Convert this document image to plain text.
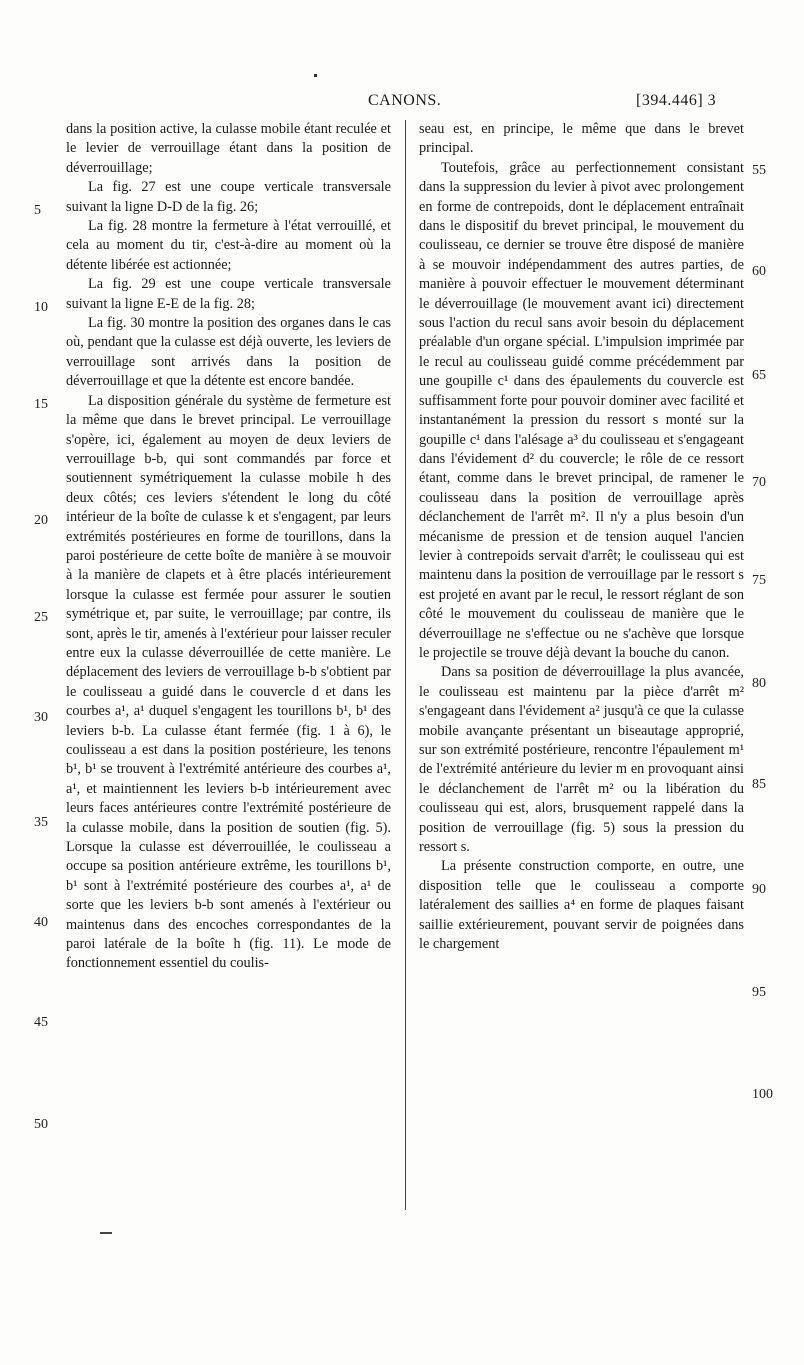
CANONS.	[394.446] 3

dans la position active, la culasse mobile étant reculée et le levier de verrouillage étant dans la position de déverrouillage;

La fig. 27 est une coupe verticale transversale suivant la ligne D-D de la fig. 26;

La fig. 28 montre la fermeture à l'état verrouillé, et cela au moment du tir, c'est-à-dire au moment où la détente libérée est actionnée;

La fig. 29 est une coupe verticale transversale suivant la ligne E-E de la fig. 28;

La fig. 30 montre la position des organes dans le cas où, pendant que la culasse est déjà ouverte, les leviers de verrouillage sont arrivés dans la position de déverrouillage et que la détente est encore bandée.

La disposition générale du système de fermeture est la même que dans le brevet principal. Le verrouillage s'opère, ici, également au moyen de deux leviers de verrouillage b-b, qui sont commandés par force et soutiennent symétriquement la culasse mobile h des deux côtés; ces leviers s'étendent le long du côté intérieur de la boîte de culasse k et s'engagent, par leurs extrémités postérieures en forme de tourillons, dans la paroi postérieure de cette boîte de manière à se mouvoir à la manière de clapets et à être placés intérieurement lorsque la culasse est fermée pour assurer le soutien symétrique et, par suite, le verrouillage; par contre, ils sont, après le tir, amenés à l'extérieur pour laisser reculer entre eux la culasse déverrouillée de cette manière. Le déplacement des leviers de verrouillage b-b s'obtient par le coulisseau a guidé dans le couvercle d et dans les courbes a¹, a¹ duquel s'engagent les tourillons b¹, b¹ des leviers b-b. La culasse étant fermée (fig. 1 à 6), le coulisseau a est dans la position postérieure, les tenons b¹, b¹ se trouvent à l'extrémité antérieure des courbes a¹, a¹, et maintiennent les leviers b-b intérieurement avec leurs faces antérieures contre l'extrémité postérieure de la culasse mobile, dans la position de soutien (fig. 5). Lorsque la culasse est déverrouillée, le coulisseau a occupe sa position antérieure extrême, les tourillons b¹, b¹ sont à l'extrémité postérieure des courbes a¹, a¹ de sorte que les leviers b-b sont amenés à l'extérieur ou maintenus dans des encoches correspondantes de la paroi latérale de la boîte h (fig. 11). Le mode de fonctionnement essentiel du coulis-

seau est, en principe, le même que dans le brevet principal.

Toutefois, grâce au perfectionnement consistant dans la suppression du levier à pivot avec prolongement en forme de contrepoids, dont le déplacement entraînait dans le dispositif du brevet principal, le mouvement du coulisseau, ce dernier se trouve être disposé de manière à se mouvoir indépendamment des autres parties, de manière à pouvoir effectuer le mouvement déterminant le déverrouillage (le mouvement avant ici) directement sous l'action du recul sans avoir besoin du déplacement préalable d'un organe spécial. L'impulsion imprimée par le recul au coulisseau guidé comme précédemment par une goupille c¹ dans des épaulements du couvercle est suffisamment forte pour pouvoir dominer avec facilité et instantanément la pression du ressort s monté sur la goupille c¹ dans l'alésage a³ du coulisseau et s'engageant dans l'évidement d² du couvercle; le rôle de ce ressort étant, comme dans le brevet principal, de ramener le coulisseau dans la position de verrouillage après déclanchement de l'arrêt m². Il n'y a plus besoin d'un mécanisme de pression et de tension auquel l'ancien levier à contrepoids servait d'arrêt; le coulisseau qui est maintenu dans la position de verrouillage par le ressort s est projeté en avant par le recul, le ressort réglant de son côté le mouvement du coulisseau de manière que le déverrouillage ne s'effectue ou ne s'achève que lorsque le projectile se trouve déjà devant la bouche du canon.

Dans sa position de déverrouillage la plus avancée, le coulisseau est maintenu par la pièce d'arrêt m² s'engageant dans l'évidement a² jusqu'à ce que la culasse mobile avançante présentant un biseautage approprié, sur son extrémité postérieure, rencontre l'épaulement m¹ de l'extrémité antérieure du levier m en provoquant ainsi le déclanchement de l'arrêt m² ou la libération du coulisseau qui est, alors, brusquement rappelé dans la position de verrouillage (fig. 5) sous la pression du ressort s.

La présente construction comporte, en outre, une disposition telle que le coulisseau a comporte latéralement des saillies a⁴ en forme de plaques faisant saillie extérieurement, pouvant servir de poignées dans le chargement

5
10
15
20
25
30
35
40
45
50
55
60
65
70
75
80
85
90
95
100
